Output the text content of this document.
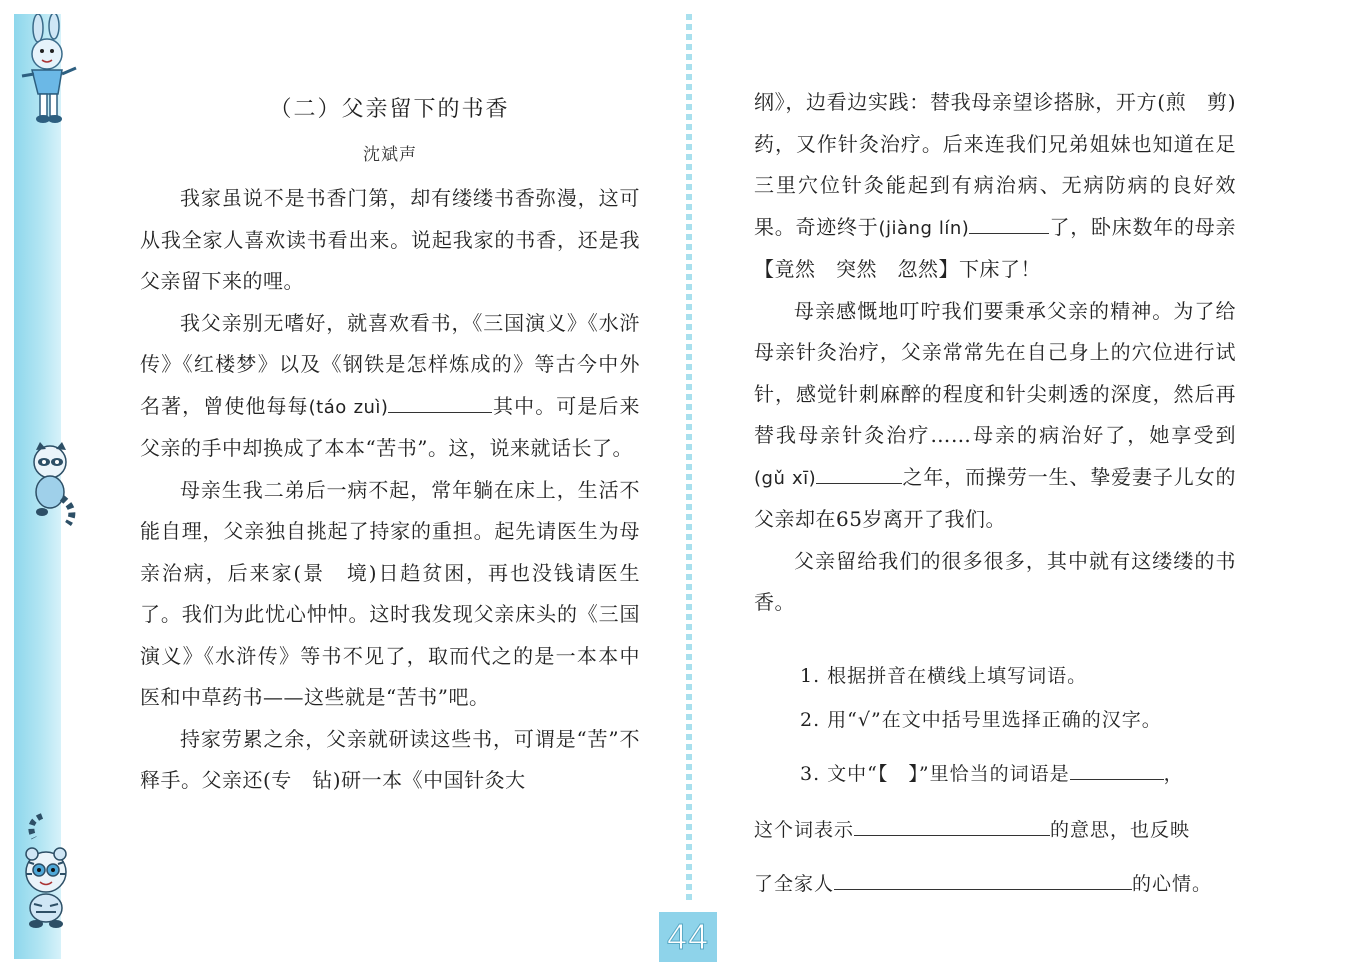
（二）父亲留下的书香
沈斌声

我家虽说不是书香门第，却有缕缕书香弥漫，这可从我全家人喜欢读书看出来。说起我家的书香，还是我父亲留下来的哩。

我父亲别无嗜好，就喜欢看书，《三国演义》《水浒传》《红楼梦》以及《钢铁是怎样炼成的》等古今中外名著，曾使他每每(táo zuì)	其中。可是后来父亲的手中却换成了本本“苦书”。这，说来就话长了。

母亲生我二弟后一病不起，常年躺在床上，生活不能自理，父亲独自挑起了持家的重担。起先请医生为母亲治病，后来家(景　境)日趋贫困，再也没钱请医生了。我们为此忧心忡忡。这时我发现父亲床头的《三国演义》《水浒传》等书不见了，取而代之的是一本本中医和中草药书——这些就是“苦书”吧。

持家劳累之余，父亲就研读这些书，可谓是“苦”不释手。父亲还(专　钻)研一本《中国针灸大

纲》，边看边实践：替我母亲望诊搭脉，开方(煎　剪)药，又作针灸治疗。后来连我们兄弟姐妹也知道在足三里穴位针灸能起到有病治病、无病防病的良好效果。奇迹终于(jiàng lín)	了，卧床数年的母亲【竟然　突然　忽然】下床了！

母亲感慨地叮咛我们要秉承父亲的精神。为了给母亲针灸治疗，父亲常常先在自己身上的穴位进行试针，感觉针刺麻醉的程度和针尖刺透的深度，然后再替我母亲针灸治疗……母亲的病治好了，她享受到(gǔ xī)	之年，而操劳一生、挚爱妻子儿女的父亲却在65岁离开了我们。

父亲留给我们的很多很多，其中就有这缕缕的书香。

1. 根据拼音在横线上填写词语。
2. 用“√”在文中括号里选择正确的汉字。
3. 文中“【　】”里恰当的词语是	，
这个词表示	的意思，也反映
了全家人	的心情。
44
